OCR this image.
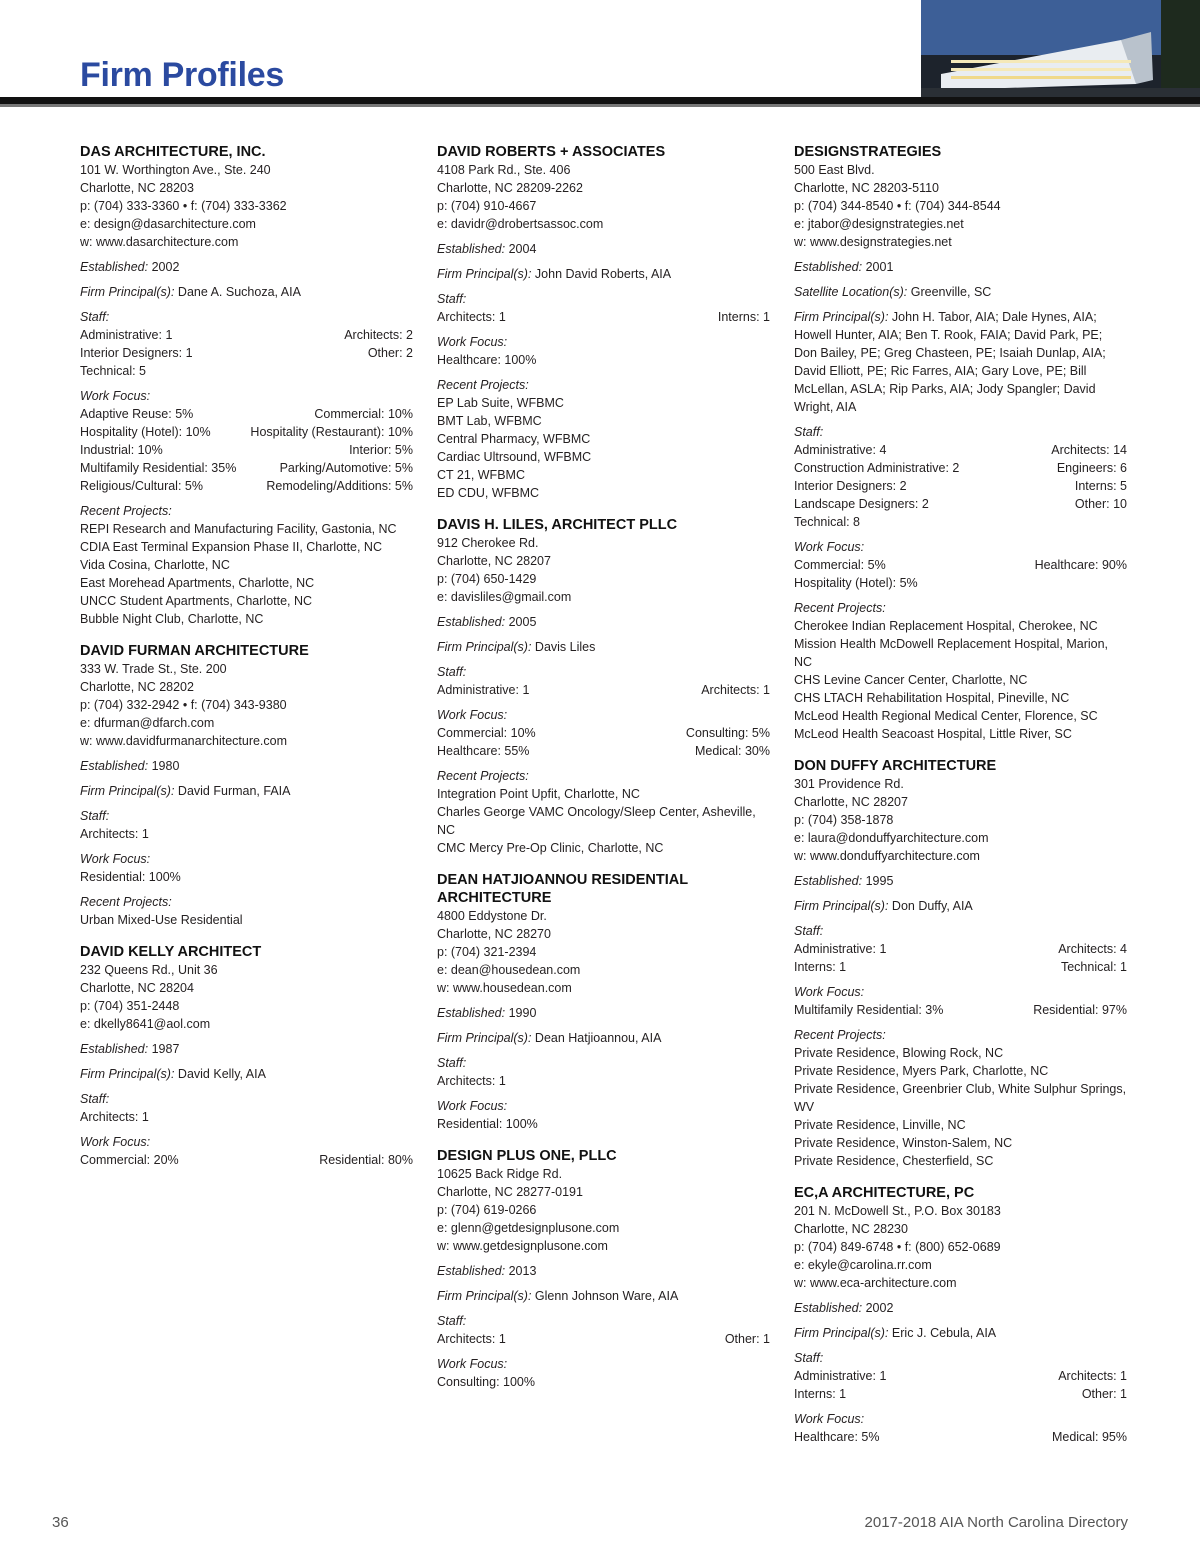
Firm Profiles
DAS ARCHITECTURE, INC.
101 W. Worthington Ave., Ste. 240
Charlotte, NC 28203
p: (704) 333-3360 • f: (704) 333-3362
e: design@dasarchitecture.com
w: www.dasarchitecture.com
Established: 2002
Firm Principal(s): Dane A. Suchoza, AIA
Staff:
Administrative: 1	Architects: 2
Interior Designers: 1	Other: 2
Technical: 5
Work Focus:
Adaptive Reuse: 5%	Commercial: 10%
Hospitality (Hotel): 10%	Hospitality (Restaurant): 10%
Industrial: 10%	Interior: 5%
Multifamily Residential: 35%	Parking/Automotive: 5%
Religious/Cultural: 5%	Remodeling/Additions: 5%
Recent Projects:
REPI Research and Manufacturing Facility, Gastonia, NC
CDIA East Terminal Expansion Phase II, Charlotte, NC
Vida Cosina, Charlotte, NC
East Morehead Apartments, Charlotte, NC
UNCC Student Apartments, Charlotte, NC
Bubble Night Club, Charlotte, NC
DAVID FURMAN ARCHITECTURE
333 W. Trade St., Ste. 200
Charlotte, NC 28202
p: (704) 332-2942 • f: (704) 343-9380
e: dfurman@dfarch.com
w: www.davidfurmanarchitecture.com
Established: 1980
Firm Principal(s): David Furman, FAIA
Staff:
Architects: 1
Work Focus:
Residential: 100%
Recent Projects:
Urban Mixed-Use Residential
DAVID KELLY ARCHITECT
232 Queens Rd., Unit 36
Charlotte, NC 28204
p: (704) 351-2448
e: dkelly8641@aol.com
Established: 1987
Firm Principal(s): David Kelly, AIA
Staff:
Architects: 1
Work Focus:
Commercial: 20%	Residential: 80%
DAVID ROBERTS + ASSOCIATES
4108 Park Rd., Ste. 406
Charlotte, NC 28209-2262
p: (704) 910-4667
e: davidr@drobertsassoc.com
Established: 2004
Firm Principal(s): John David Roberts, AIA
Staff:
Architects: 1	Interns: 1
Work Focus:
Healthcare: 100%
Recent Projects:
EP Lab Suite, WFBMC
BMT Lab, WFBMC
Central Pharmacy, WFBMC
Cardiac Ultrsound, WFBMC
CT 21, WFBMC
ED CDU, WFBMC
DAVIS H. LILES, ARCHITECT PLLC
912 Cherokee Rd.
Charlotte, NC 28207
p: (704) 650-1429
e: davisliles@gmail.com
Established: 2005
Firm Principal(s): Davis Liles
Staff:
Administrative: 1	Architects: 1
Work Focus:
Commercial: 10%	Consulting: 5%
Healthcare: 55%	Medical: 30%
Recent Projects:
Integration Point Upfit, Charlotte, NC
Charles George VAMC Oncology/Sleep Center, Asheville, NC
CMC Mercy Pre-Op Clinic, Charlotte, NC
DEAN HATJIOANNOU RESIDENTIAL ARCHITECTURE
4800 Eddystone Dr.
Charlotte, NC 28270
p: (704) 321-2394
e: dean@housedean.com
w: www.housedean.com
Established: 1990
Firm Principal(s): Dean Hatjioannou, AIA
Staff:
Architects: 1
Work Focus:
Residential: 100%
DESIGN PLUS ONE, PLLC
10625 Back Ridge Rd.
Charlotte, NC 28277-0191
p: (704) 619-0266
e: glenn@getdesignplusone.com
w: www.getdesignplusone.com
Established: 2013
Firm Principal(s): Glenn Johnson Ware, AIA
Staff:
Architects: 1	Other: 1
Work Focus:
Consulting: 100%
DESIGNSTRATEGIES
500 East Blvd.
Charlotte, NC 28203-5110
p: (704) 344-8540 • f: (704) 344-8544
e: jtabor@designstrategies.net
w: www.designstrategies.net
Established: 2001
Satellite Location(s): Greenville, SC
Firm Principal(s): John H. Tabor, AIA; Dale Hynes, AIA; Howell Hunter, AIA; Ben T. Rook, FAIA; David Park, PE; Don Bailey, PE; Greg Chasteen, PE; Isaiah Dunlap, AIA; David Elliott, PE; Ric Farres, AIA; Gary Love, PE; Bill McLellan, ASLA; Rip Parks, AIA; Jody Spangler; David Wright, AIA
Staff:
Administrative: 4	Architects: 14
Construction Administrative: 2	Engineers: 6
Interior Designers: 2	Interns: 5
Landscape Designers: 2	Other: 10
Technical: 8
Work Focus:
Commercial: 5%	Healthcare: 90%
Hospitality (Hotel): 5%
Recent Projects:
Cherokee Indian Replacement Hospital, Cherokee, NC
Mission Health McDowell Replacement Hospital, Marion, NC
CHS Levine Cancer Center, Charlotte, NC
CHS LTACH Rehabilitation Hospital, Pineville, NC
McLeod Health Regional Medical Center, Florence, SC
McLeod Health Seacoast Hospital, Little River, SC
DON DUFFY ARCHITECTURE
301 Providence Rd.
Charlotte, NC 28207
p: (704) 358-1878
e: laura@donduffyarchitecture.com
w: www.donduffyarchitecture.com
Established: 1995
Firm Principal(s): Don Duffy, AIA
Staff:
Administrative: 1	Architects: 4
Interns: 1	Technical: 1
Work Focus:
Multifamily Residential: 3%	Residential: 97%
Recent Projects:
Private Residence, Blowing Rock, NC
Private Residence, Myers Park, Charlotte, NC
Private Residence, Greenbrier Club, White Sulphur Springs, WV
Private Residence, Linville, NC
Private Residence, Winston-Salem, NC
Private Residence, Chesterfield, SC
EC,A ARCHITECTURE, PC
201 N. McDowell St., P.O. Box 30183
Charlotte, NC 28230
p: (704) 849-6748 • f: (800) 652-0689
e: ekyle@carolina.rr.com
w: www.eca-architecture.com
Established: 2002
Firm Principal(s): Eric J. Cebula, AIA
Staff:
Administrative: 1	Architects: 1
Interns: 1	Other: 1
Work Focus:
Healthcare: 5%	Medical: 95%
36	2017-2018 AIA North Carolina Directory
